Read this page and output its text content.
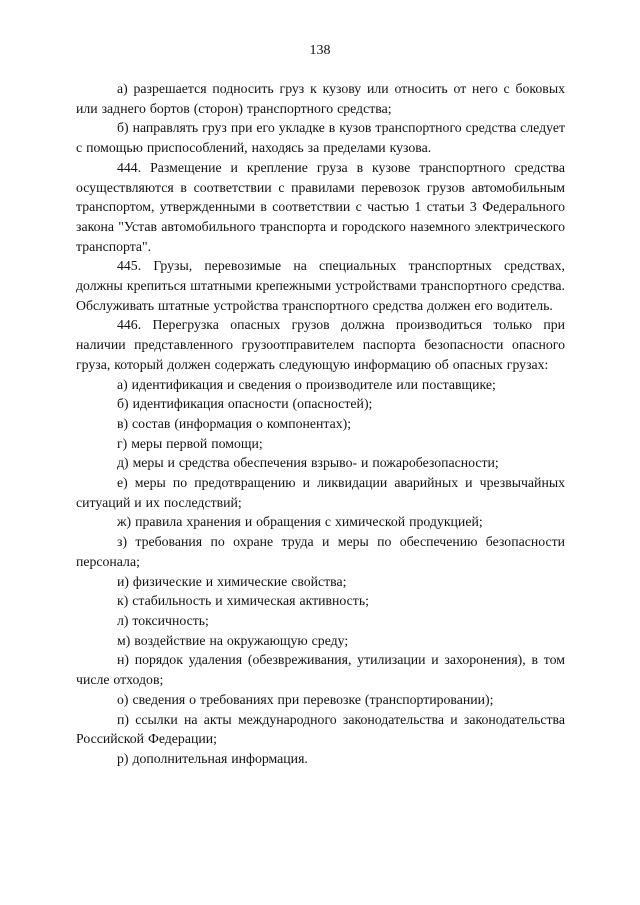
138

а) разрешается подносить груз к кузову или относить от него с боковых или заднего бортов (сторон) транспортного средства;

б) направлять груз при его укладке в кузов транспортного средства следует с помощью приспособлений, находясь за пределами кузова.

444. Размещение и крепление груза в кузове транспортного средства осуществляются в соответствии с правилами перевозок грузов автомобильным транспортом, утвержденными в соответствии с частью 1 статьи 3 Федерального закона "Устав автомобильного транспорта и городского наземного электрического транспорта".

445. Грузы, перевозимые на специальных транспортных средствах, должны крепиться штатными крепежными устройствами транспортного средства. Обслуживать штатные устройства транспортного средства должен его водитель.

446. Перегрузка опасных грузов должна производиться только при наличии представленного грузоотправителем паспорта безопасности опасного груза, который должен содержать следующую информацию об опасных грузах:

а) идентификация и сведения о производителе или поставщике;

б) идентификация опасности (опасностей);

в) состав (информация о компонентах);

г) меры первой помощи;

д) меры и средства обеспечения взрыво- и пожаробезопасности;

е) меры по предотвращению и ликвидации аварийных и чрезвычайных ситуаций и их последствий;

ж) правила хранения и обращения с химической продукцией;

з) требования по охране труда и меры по обеспечению безопасности персонала;

и) физические и химические свойства;

к) стабильность и химическая активность;

л) токсичность;

м) воздействие на окружающую среду;

н) порядок удаления (обезвреживания, утилизации и захоронения), в том числе отходов;

о) сведения о требованиях при перевозке (транспортировании);

п) ссылки на акты международного законодательства и законодательства Российской Федерации;

р) дополнительная информация.
